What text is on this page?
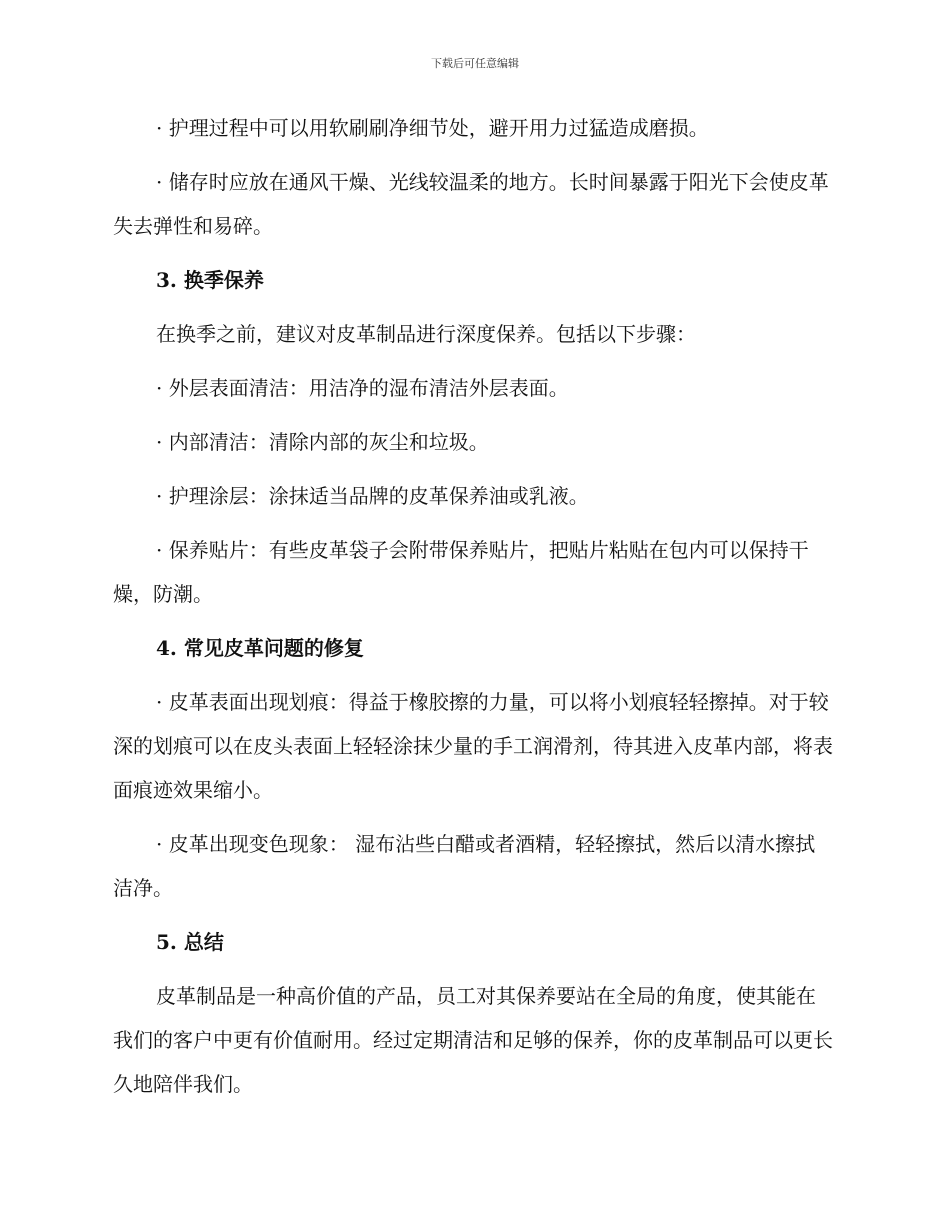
下载后可任意编辑

· 护理过程中可以用软刷刷净细节处，避开用力过猛造成磨损。

· 储存时应放在通风干燥、光线较温柔的地方。长时间暴露于阳光下会使皮革失去弹性和易碎。

3. 换季保养

在换季之前，建议对皮革制品进行深度保养。包括以下步骤：

· 外层表面清洁：用洁净的湿布清洁外层表面。

· 内部清洁：清除内部的灰尘和垃圾。

· 护理涂层：涂抹适当品牌的皮革保养油或乳液。

· 保养贴片：有些皮革袋子会附带保养贴片，把贴片粘贴在包内可以保持干燥，防潮。

4. 常见皮革问题的修复

· 皮革表面出现划痕：得益于橡胶擦的力量，可以将小划痕轻轻擦掉。对于较深的划痕可以在皮头表面上轻轻涂抹少量的手工润滑剂，待其进入皮革内部，将表面痕迹效果缩小。

· 皮革出现变色现象： 湿布沾些白醋或者酒精，轻轻擦拭，然后以清水擦拭洁净。

5. 总结

皮革制品是一种高价值的产品，员工对其保养要站在全局的角度，使其能在我们的客户中更有价值耐用。经过定期清洁和足够的保养，你的皮革制品可以更长久地陪伴我们。
